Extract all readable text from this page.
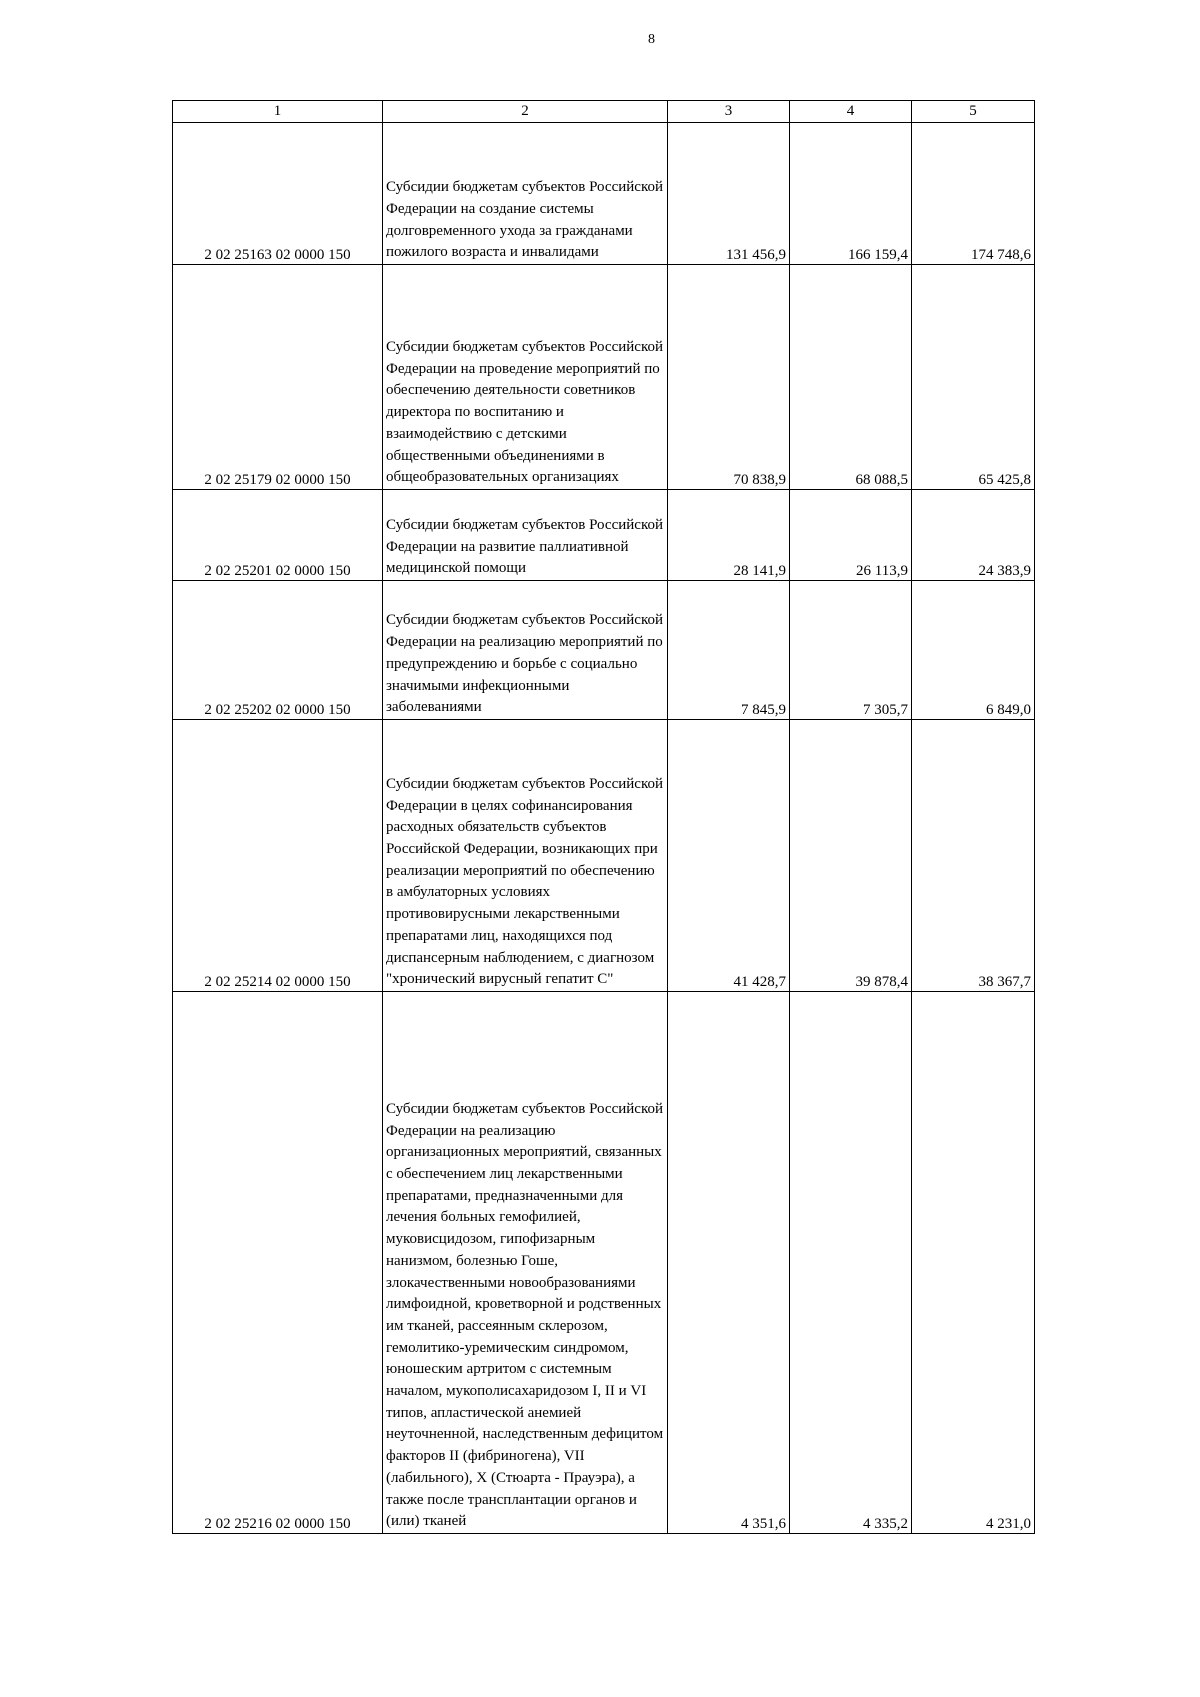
8
1	2	3	4	5
2 02 25163 02 0000 150	Субсидии бюджетам субъектов Российской Федерации на создание системы долговременного ухода за гражданами пожилого возраста и инвалидами	131 456,9	166 159,4	174 748,6
2 02 25179 02 0000 150	Субсидии бюджетам субъектов Российской Федерации на проведение мероприятий по обеспечению деятельности советников директора по воспитанию и взаимодействию с детскими общественными объединениями в общеобразовательных организациях	70 838,9	68 088,5	65 425,8
2 02 25201 02 0000 150	Субсидии бюджетам субъектов Российской Федерации на развитие паллиативной медицинской помощи	28 141,9	26 113,9	24 383,9
2 02 25202 02 0000 150	Субсидии бюджетам субъектов Российской Федерации на реализацию мероприятий по предупреждению и борьбе с социально значимыми инфекционными заболеваниями	7 845,9	7 305,7	6 849,0
2 02 25214 02 0000 150	Субсидии бюджетам субъектов Российской Федерации в целях софинансирования расходных обязательств субъектов Российской Федерации, возникающих при реализации мероприятий по обеспечению в амбулаторных условиях противовирусными лекарственными препаратами лиц, находящихся под диспансерным наблюдением, с диагнозом "хронический вирусный гепатит С"	41 428,7	39 878,4	38 367,7
2 02 25216 02 0000 150	Субсидии бюджетам субъектов Российской Федерации на реализацию организационных мероприятий, связанных с обеспечением лиц лекарственными препаратами, предназначенными для лечения больных гемофилией, муковисцидозом, гипофизарным нанизмом, болезнью Гоше, злокачественными новообразованиями лимфоидной, кроветворной и родственных им тканей, рассеянным склерозом, гемолитико-уремическим синдромом, юношеским артритом с системным началом, мукополисахаридозом I, II и VI типов, апластической анемией неуточненной, наследственным дефицитом факторов II (фибриногена), VII (лабильного), X (Стюарта - Прауэра), а также после трансплантации органов и (или) тканей	4 351,6	4 335,2	4 231,0
